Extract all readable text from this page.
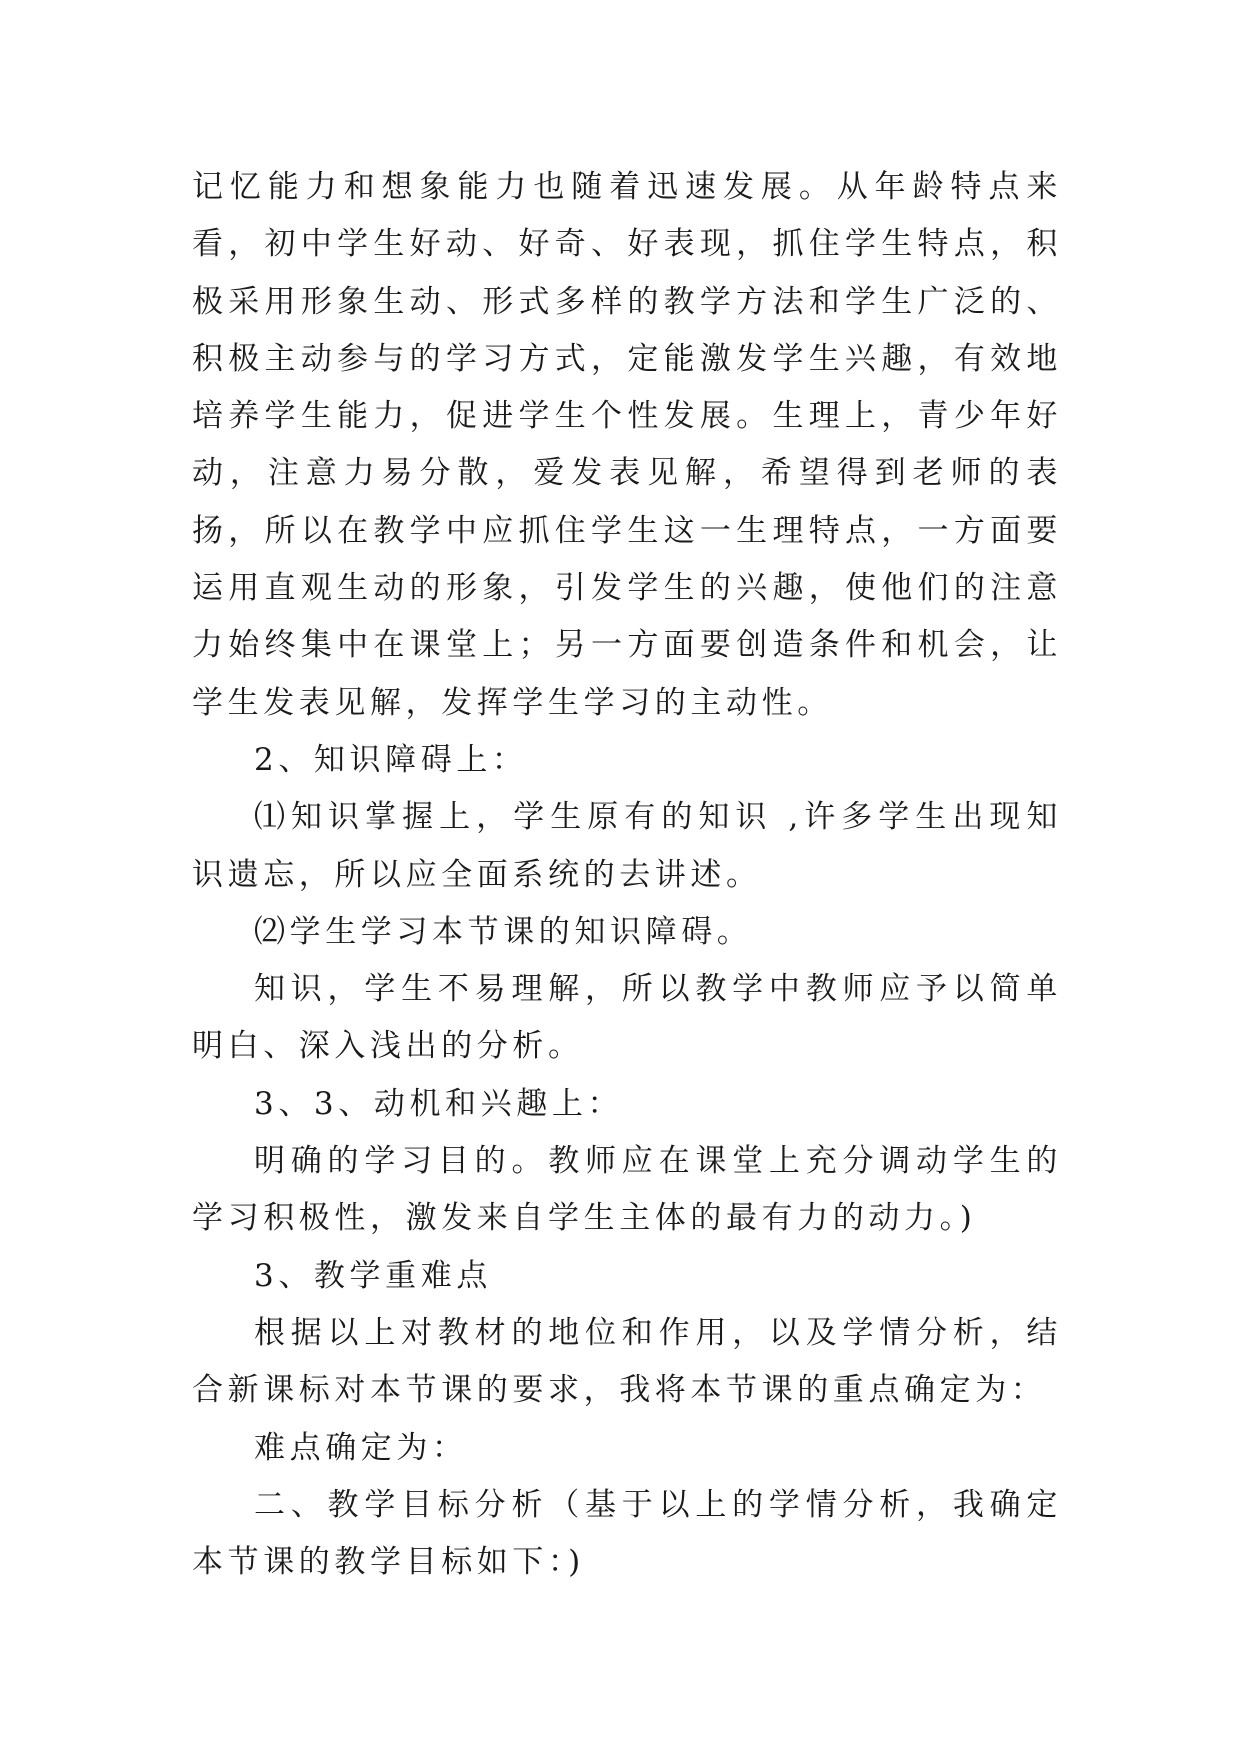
记忆能力和想象能力也随着迅速发展。从年龄特点来看，初中学生好动、好奇、好表现，抓住学生特点，积极采用形象生动、形式多样的教学方法和学生广泛的、积极主动参与的学习方式，定能激发学生兴趣，有效地培养学生能力，促进学生个性发展。生理上，青少年好动，注意力易分散，爱发表见解，希望得到老师的表扬，所以在教学中应抓住学生这一生理特点，一方面要运用直观生动的形象，引发学生的兴趣，使他们的注意力始终集中在课堂上；另一方面要创造条件和机会，让学生发表见解，发挥学生学习的主动性。

2、知识障碍上：

⑴知识掌握上，学生原有的知识 ,许多学生出现知识遗忘，所以应全面系统的去讲述。

⑵学生学习本节课的知识障碍。

知识，学生不易理解，所以教学中教师应予以简单明白、深入浅出的分析。

3、3、动机和兴趣上：

明确的学习目的。教师应在课堂上充分调动学生的学习积极性，激发来自学生主体的最有力的动力。)

3、教学重难点

根据以上对教材的地位和作用，以及学情分析，结合新课标对本节课的要求，我将本节课的重点确定为：

难点确定为：

二、教学目标分析（基于以上的学情分析，我确定本节课的教学目标如下：)
